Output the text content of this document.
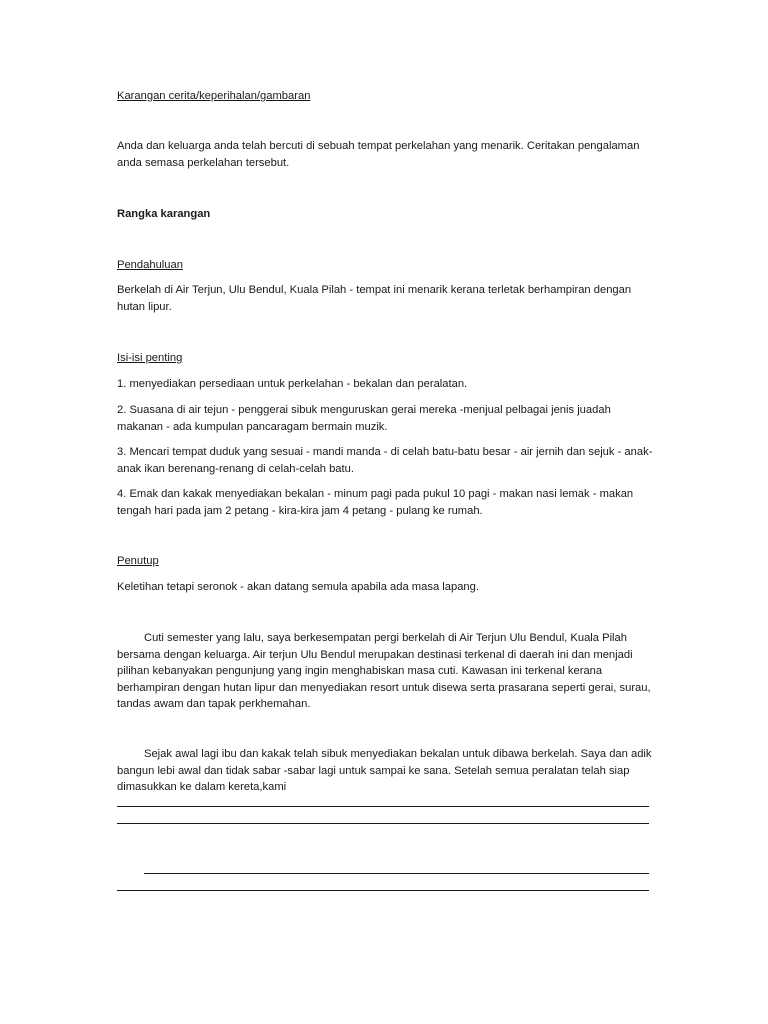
Karangan cerita/keperihalan/gambaran

Anda dan keluarga anda telah bercuti di sebuah tempat perkelahan yang menarik. Ceritakan pengalaman anda semasa perkelahan tersebut.

Rangka karangan

Pendahuluan

Berkelah di Air Terjun, Ulu Bendul, Kuala Pilah - tempat ini menarik kerana terletak berhampiran dengan hutan lipur.

Isi-isi penting

1. menyediakan persediaan untuk perkelahan - bekalan dan peralatan.

2. Suasana di air tejun - penggerai sibuk menguruskan gerai mereka -menjual pelbagai jenis juadah makanan - ada kumpulan pancaragam bermain muzik.

3. Mencari tempat duduk yang sesuai - mandi manda - di celah batu-batu besar - air jernih dan sejuk - anak-anak ikan berenang-renang di celah-celah batu.

4. Emak dan kakak menyediakan bekalan - minum pagi pada pukul 10 pagi - makan nasi lemak - makan tengah hari pada jam 2 petang - kira-kira jam 4 petang - pulang ke rumah.

Penutup

Keletihan tetapi seronok - akan datang semula apabila ada masa lapang.

Cuti semester yang lalu, saya berkesempatan pergi berkelah di Air Terjun Ulu Bendul, Kuala Pilah bersama dengan keluarga. Air terjun Ulu Bendul merupakan destinasi terkenal di daerah ini dan menjadi pilihan kebanyakan pengunjung yang ingin menghabiskan masa cuti. Kawasan ini terkenal kerana berhampiran dengan hutan lipur dan menyediakan resort untuk disewa serta prasarana seperti gerai, surau, tandas awam dan tapak perkhemahan.

Sejak awal lagi ibu dan kakak telah sibuk menyediakan bekalan untuk dibawa berkelah. Saya dan adik bangun lebi awal dan tidak sabar -sabar lagi untuk sampai ke sana. Setelah semua peralatan telah siap dimasukkan ke dalam kereta,kami
